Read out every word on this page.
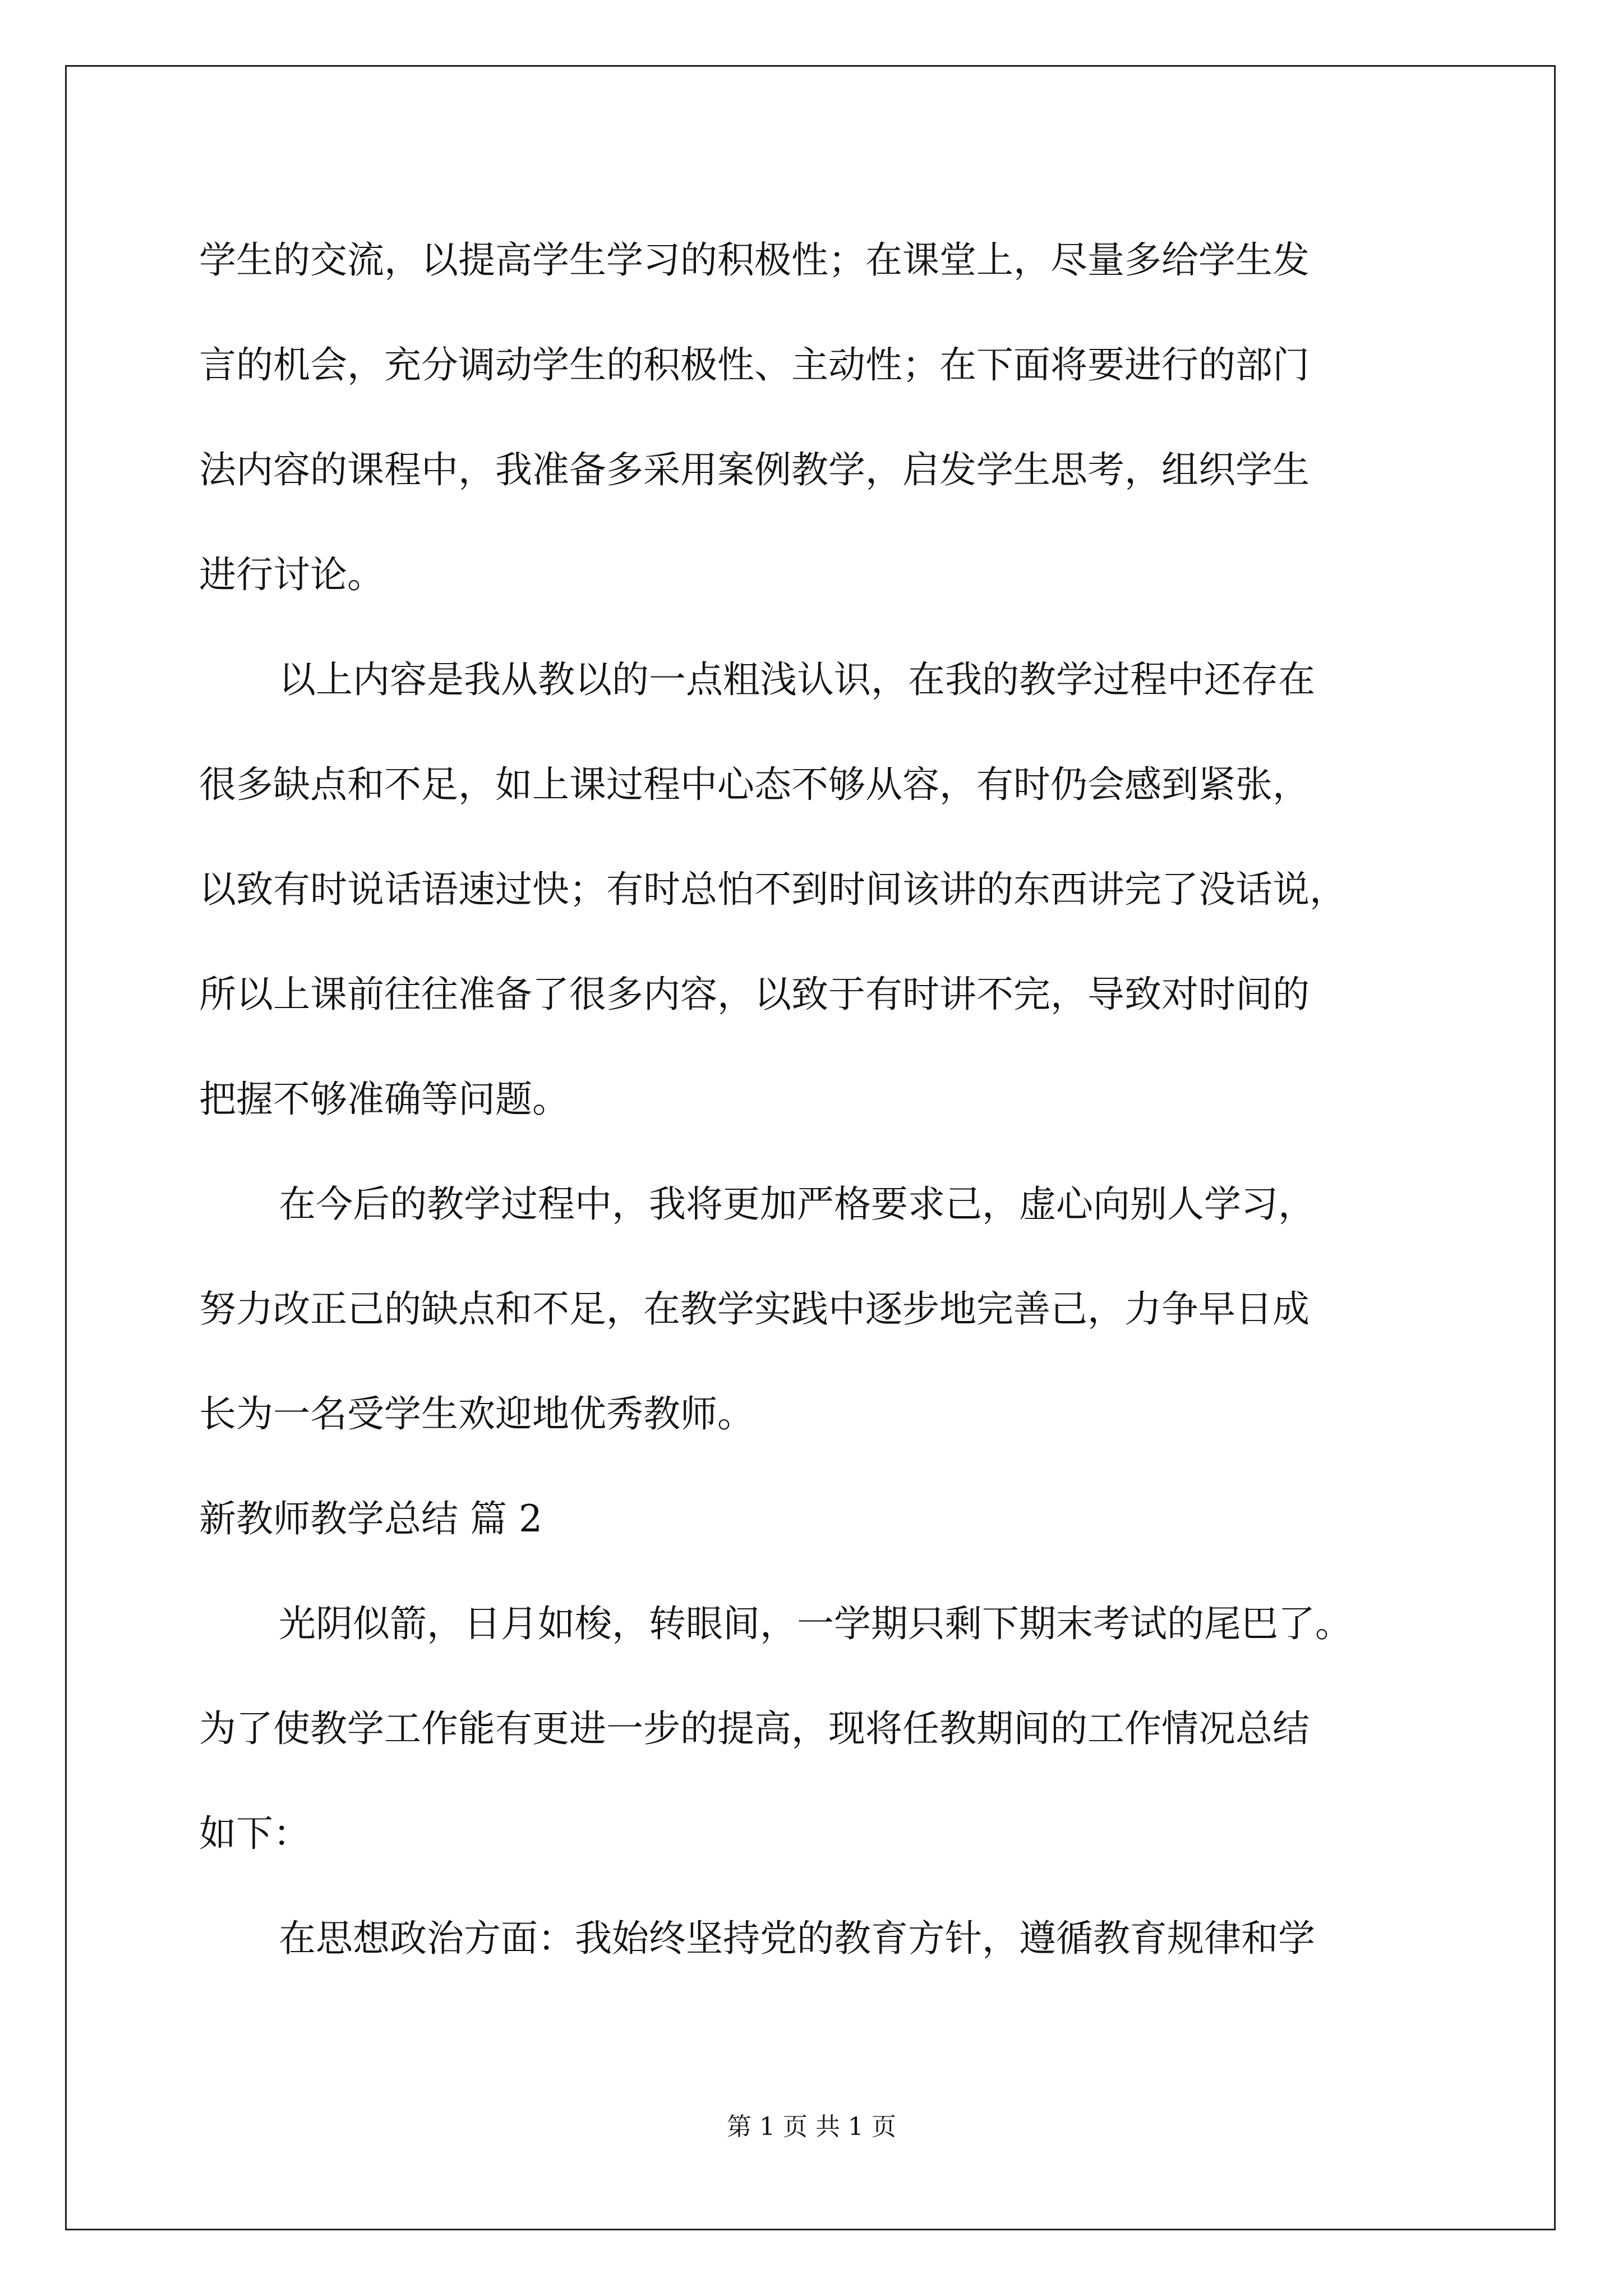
学生的交流，以提高学生学习的积极性；在课堂上，尽量多给学生发

言的机会，充分调动学生的积极性、主动性；在下面将要进行的部门

法内容的课程中，我准备多采用案例教学，启发学生思考，组织学生

进行讨论。

以上内容是我从教以的一点粗浅认识，在我的教学过程中还存在

很多缺点和不足，如上课过程中心态不够从容，有时仍会感到紧张，

以致有时说话语速过快；有时总怕不到时间该讲的东西讲完了没话说，

所以上课前往往准备了很多内容，以致于有时讲不完，导致对时间的

把握不够准确等问题。

在今后的教学过程中，我将更加严格要求己，虚心向别人学习，

努力改正己的缺点和不足，在教学实践中逐步地完善己，力争早日成

长为一名受学生欢迎地优秀教师。

新教师教学总结 篇 2

光阴似箭，日月如梭，转眼间，一学期只剩下期末考试的尾巴了。

为了使教学工作能有更进一步的提高，现将任教期间的工作情况总结

如下：

在思想政治方面：我始终坚持党的教育方针，遵循教育规律和学

第 1 页 共 1 页
